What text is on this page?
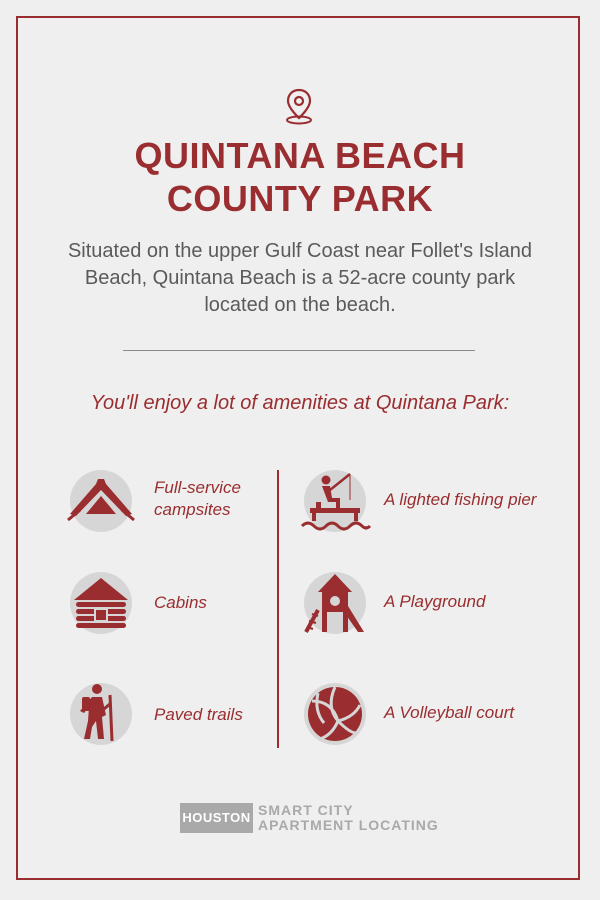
QUINTANA BEACH
COUNTY PARK
Situated on the upper Gulf Coast near Follet's Island Beach, Quintana Beach is a 52-acre county park located on the beach.
You'll enjoy a lot of amenities at Quintana Park:
Full-service
campsites
Cabins
Paved trails
A lighted fishing pier
A Playground
A Volleyball court
HOUSTON SMART CITY
APARTMENT LOCATING
